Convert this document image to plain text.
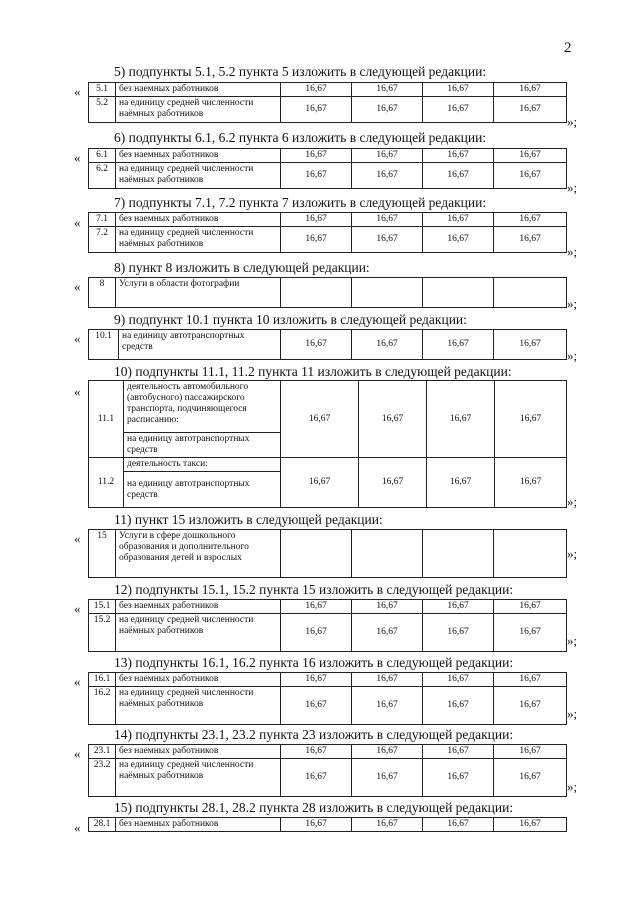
2
5) подпункты 5.1, 5.2 пункта 5 изложить в следующей редакции:
« 5.1	без наемных работников	16,67	16,67	16,67	16,67
5.2	на единицу средней численности наёмных работников	16,67	16,67	16,67	16,67
»;
6) подпункты 6.1, 6.2 пункта 6 изложить в следующей редакции:
« 6.1	без наемных работников	16,67	16,67	16,67	16,67
6.2	на единицу средней численности наёмных работников	16,67	16,67	16,67	16,67
»;
7) подпункты 7.1, 7.2 пункта 7 изложить в следующей редакции:
« 7.1	без наемных работников	16,67	16,67	16,67	16,67
7.2	на единицу средней численности наёмных работников	16,67	16,67	16,67	16,67
»;
8) пункт 8 изложить в следующей редакции:
« 8	Услуги в области фотографии				
»;
9) подпункт 10.1 пункта 10 изложить в следующей редакции:
« 10.1	на единицу автотранспортных средств	16,67	16,67	16,67	16,67
»;
10) подпункты 11.1, 11.2 пункта 11 изложить в следующей редакции:
«
11.1	деятельность автомобильного (автобусного) пассажирского транспорта, подчиняющегося расписанию:	16,67	16,67	16,67	16,67
	на единицу автотранспортных средств				
11.2	деятельность такси:	16,67	16,67	16,67	16,67
	на единицу автотранспортных средств					»;
11) пункт 15 изложить в следующей редакции:
« 15	Услуги в сфере дошкольного образования и дополнительного образования детей и взрослых					»;
12) подпункты 15.1, 15.2 пункта 15 изложить в следующей редакции:
« 15.1	без наемных работников	16,67	16,67	16,67	16,67
15.2	на единицу средней численности наёмных работников	16,67	16,67	16,67	16,67
»;
13) подпункты 16.1, 16.2 пункта 16 изложить в следующей редакции:
« 16.1	без наемных работников	16,67	16,67	16,67	16,67
16.2	на единицу средней численности наёмных работников	16,67	16,67	16,67	16,67
»;
14) подпункты 23.1, 23.2 пункта 23 изложить в следующей редакции:
« 23.1	без наемных работников	16,67	16,67	16,67	16,67
23.2	на единицу средней численности наёмных работников	16,67	16,67	16,67	16,67
»;
15) подпункты 28.1, 28.2 пункта 28 изложить в следующей редакции:
« 28.1	без наемных работников	16,67	16,67	16,67	16,67
